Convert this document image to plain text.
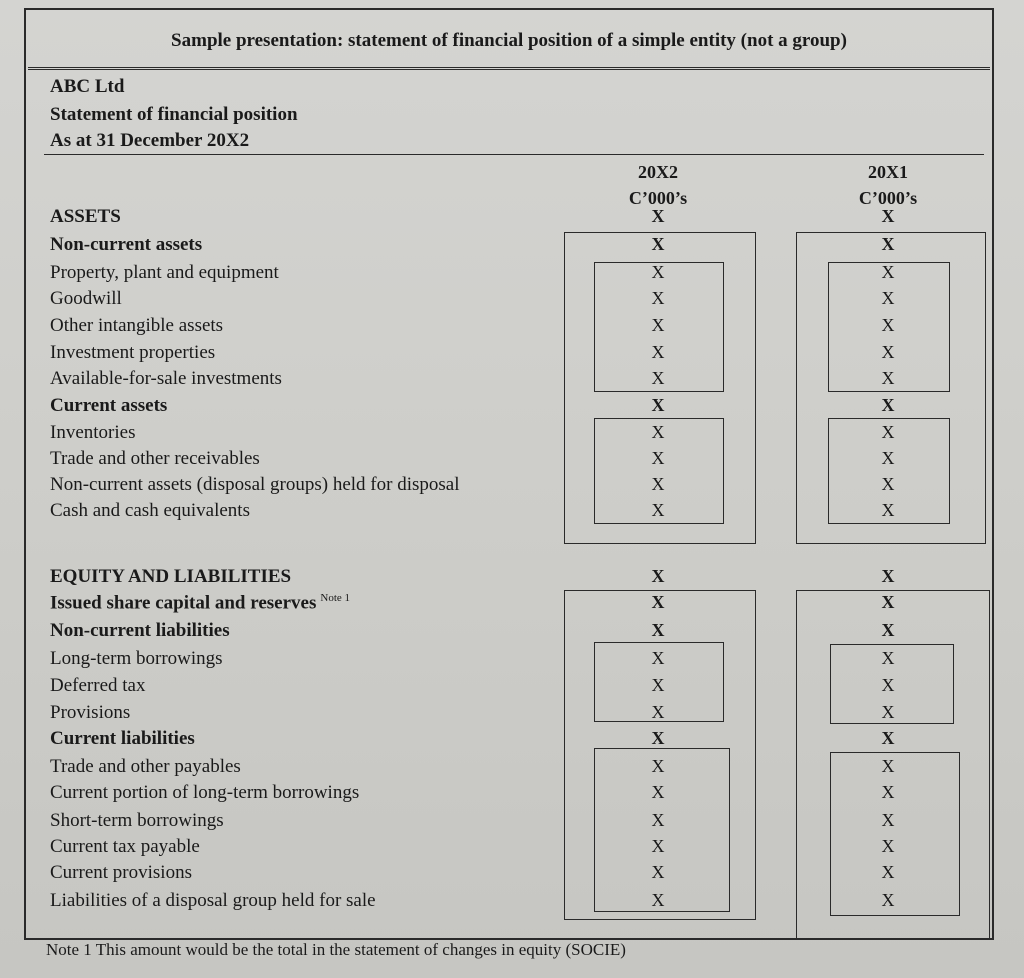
Sample presentation: statement of financial position of a simple entity (not a group)
ABC Ltd
Statement of financial position
As at 31 December 20X2
20X2
C’000’s
20X1
C’000’s
ASSETS	X	X
Non-current assets	X	X
Property, plant and equipment	X	X
Goodwill	X	X
Other intangible assets	X	X
Investment properties	X	X
Available-for-sale investments	X	X
Current assets	X	X
Inventories	X	X
Trade and other receivables	X	X
Non-current assets (disposal groups) held for disposal	X	X
Cash and cash equivalents	X	X
EQUITY AND LIABILITIES	X	X
Issued share capital and reserves $^{Note 1}$	X	X
Non-current liabilities	X	X
Long-term borrowings	X	X
Deferred tax	X	X
Provisions	X	X
Current liabilities	X	X
Trade and other payables	X	X
Current portion of long-term borrowings	X	X
Short-term borrowings	X	X
Current tax payable	X	X
Current provisions	X	X
Liabilities of a disposal group held for sale	X	X
Note 1 This amount would be the total in the statement of changes in equity (SOCIE)
